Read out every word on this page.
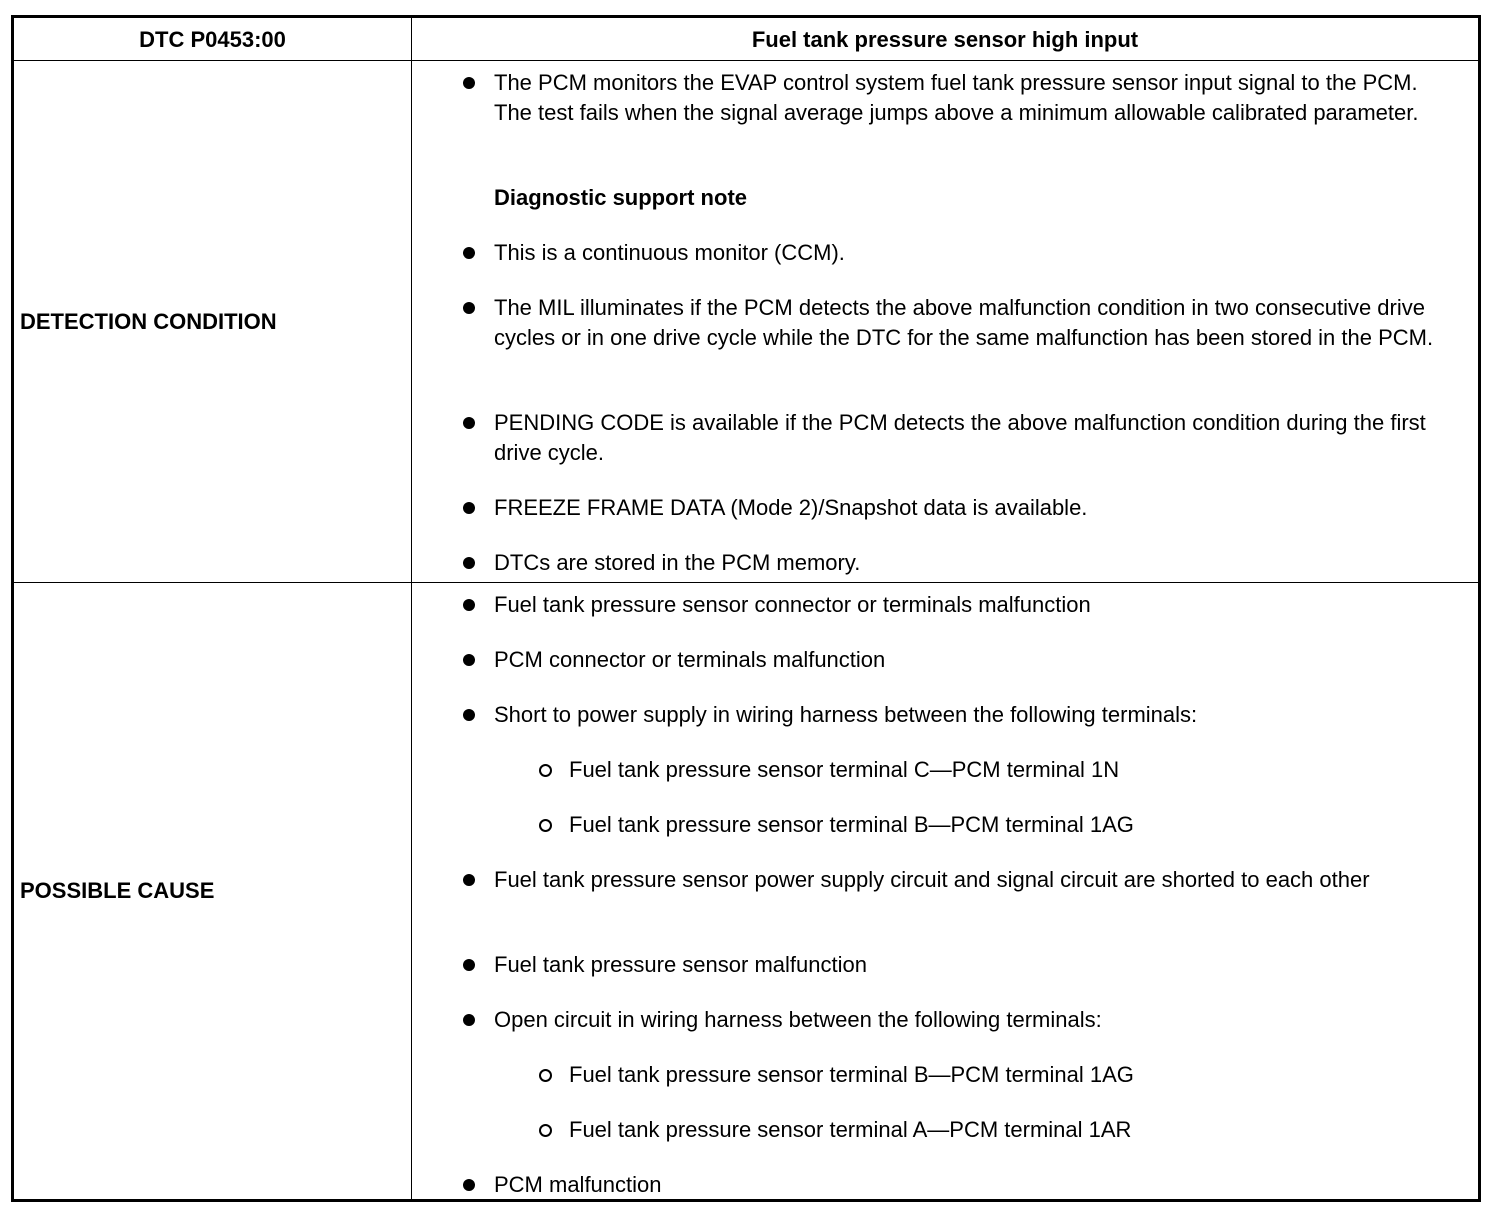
DTC P0453:00	Fuel tank pressure sensor high input
DETECTION CONDITION
The PCM monitors the EVAP control system fuel tank pressure sensor input signal to the PCM. The test fails when the signal average jumps above a minimum allowable calibrated parameter.
Diagnostic support note
This is a continuous monitor (CCM).
The MIL illuminates if the PCM detects the above malfunction condition in two consecutive drive cycles or in one drive cycle while the DTC for the same malfunction has been stored in the PCM.
PENDING CODE is available if the PCM detects the above malfunction condition during the first drive cycle.
FREEZE FRAME DATA (Mode 2)/Snapshot data is available.
DTCs are stored in the PCM memory.
POSSIBLE CAUSE
Fuel tank pressure sensor connector or terminals malfunction
PCM connector or terminals malfunction
Short to power supply in wiring harness between the following terminals:
Fuel tank pressure sensor terminal C—PCM terminal 1N
Fuel tank pressure sensor terminal B—PCM terminal 1AG
Fuel tank pressure sensor power supply circuit and signal circuit are shorted to each other
Fuel tank pressure sensor malfunction
Open circuit in wiring harness between the following terminals:
Fuel tank pressure sensor terminal B—PCM terminal 1AG
Fuel tank pressure sensor terminal A—PCM terminal 1AR
PCM malfunction
